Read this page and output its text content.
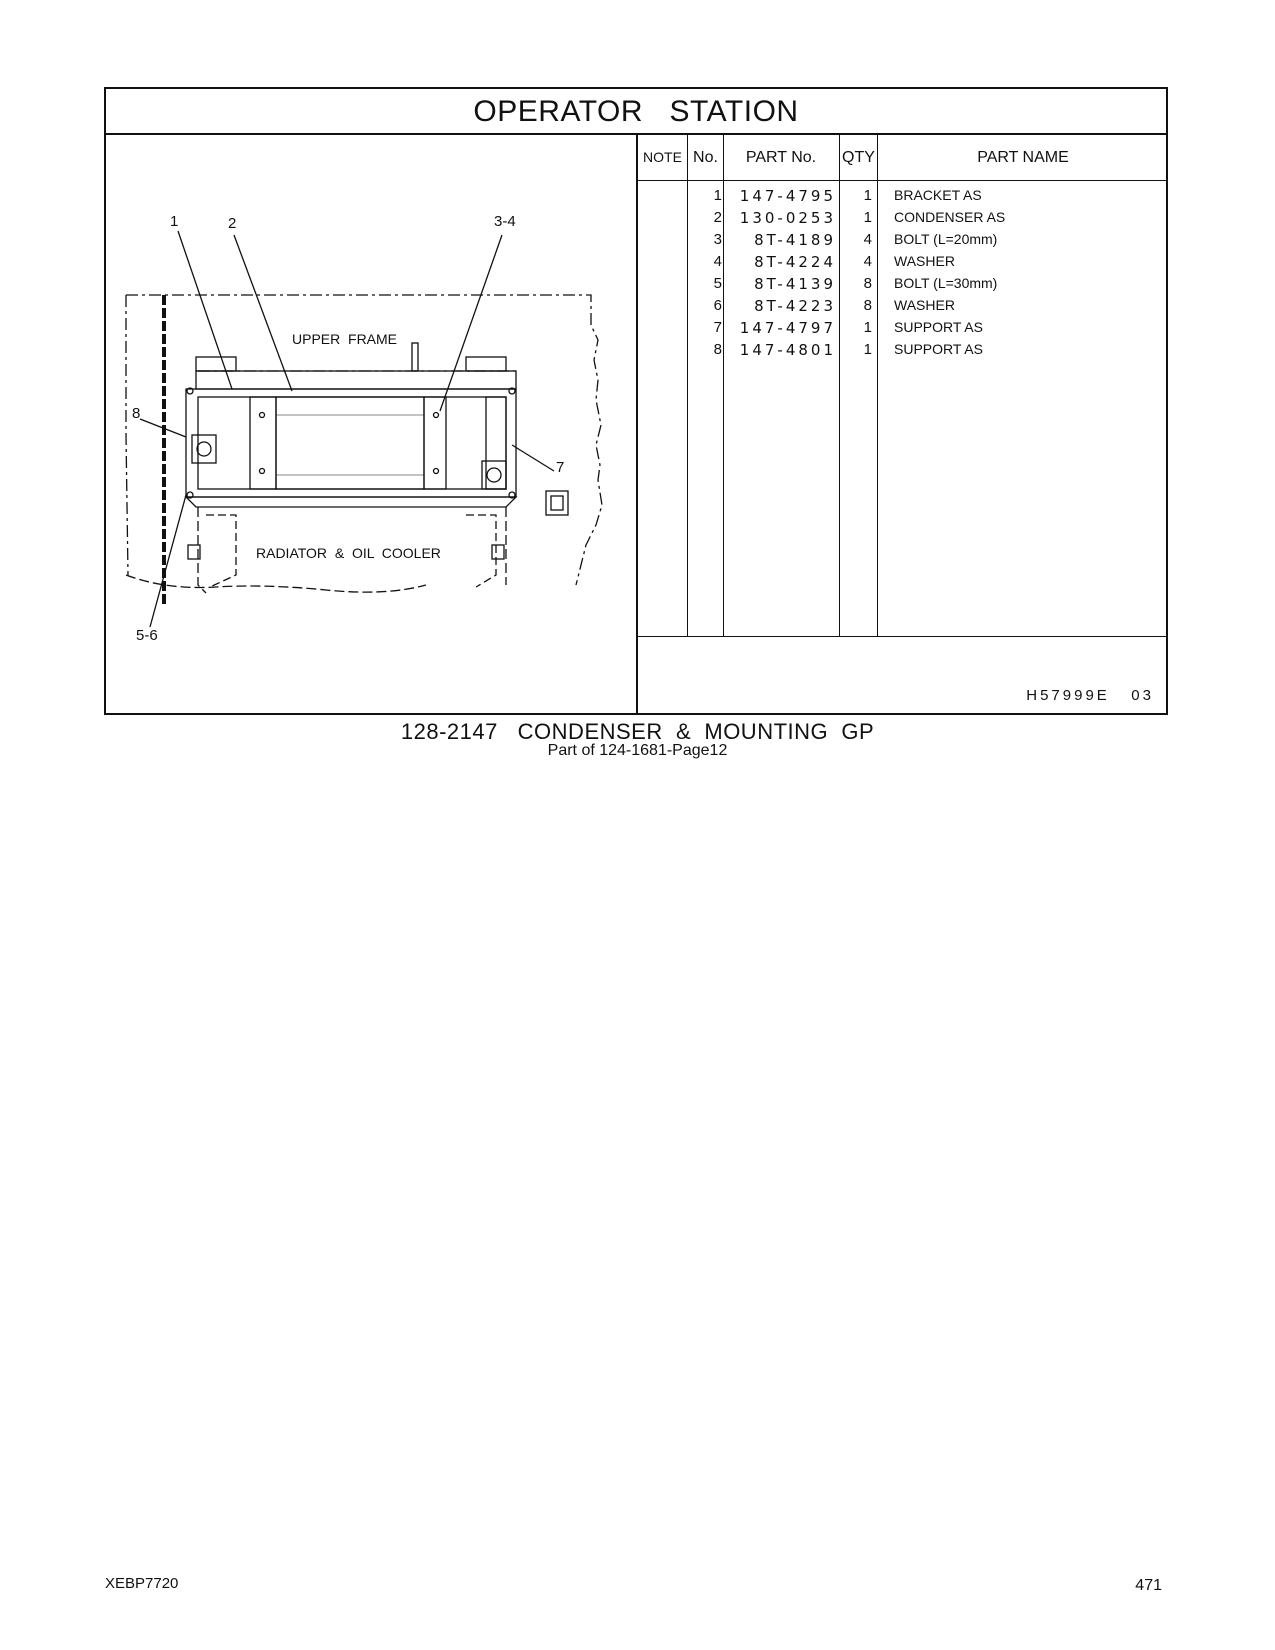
OPERATOR   STATION
1	2	3-4
8
7
5-6
UPPER  FRAME
RADIATOR  &  OIL  COOLER
NOTE No.	PART No.	QTY	PART NAME
1	147-4795	1 BRACKET AS
2	130-0253	1 CONDENSER AS
3	8T-4189	4 BOLT (L=20mm)
4	8T-4224	4 WASHER
5	8T-4139	8 BOLT (L=30mm)
6	8T-4223	8 WASHER
7	147-4797	1 SUPPORT AS
8	147-4801	1 SUPPORT AS
H57999E   03
128-2147   CONDENSER  &  MOUNTING  GP
Part of 124-1681-Page12
XEBP7720	471
